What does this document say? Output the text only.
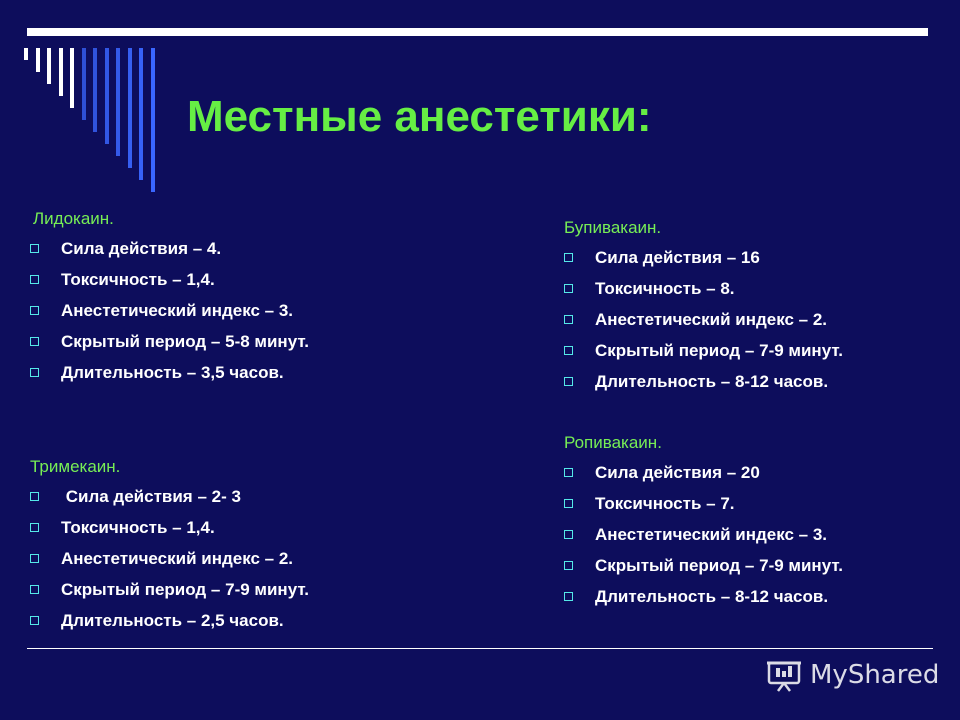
Местные анестетики:
Лидокаин.
Сила действия – 4.
Токсичность – 1,4.
Анестетический индекс – 3.
Скрытый период – 5-8 минут.
Длительность – 3,5 часов.
Тримекаин.
Сила действия – 2- 3
Токсичность – 1,4.
Анестетический индекс – 2.
Скрытый период – 7-9 минут.
Длительность – 2,5 часов.
Бупивакаин.
Сила действия – 16
Токсичность – 8.
Анестетический индекс – 2.
Скрытый период – 7-9 минут.
Длительность – 8-12 часов.
Ропивакаин.
Сила действия – 20
Токсичность – 7.
Анестетический индекс – 3.
Скрытый период – 7-9 минут.
Длительность – 8-12 часов.
MyShared
